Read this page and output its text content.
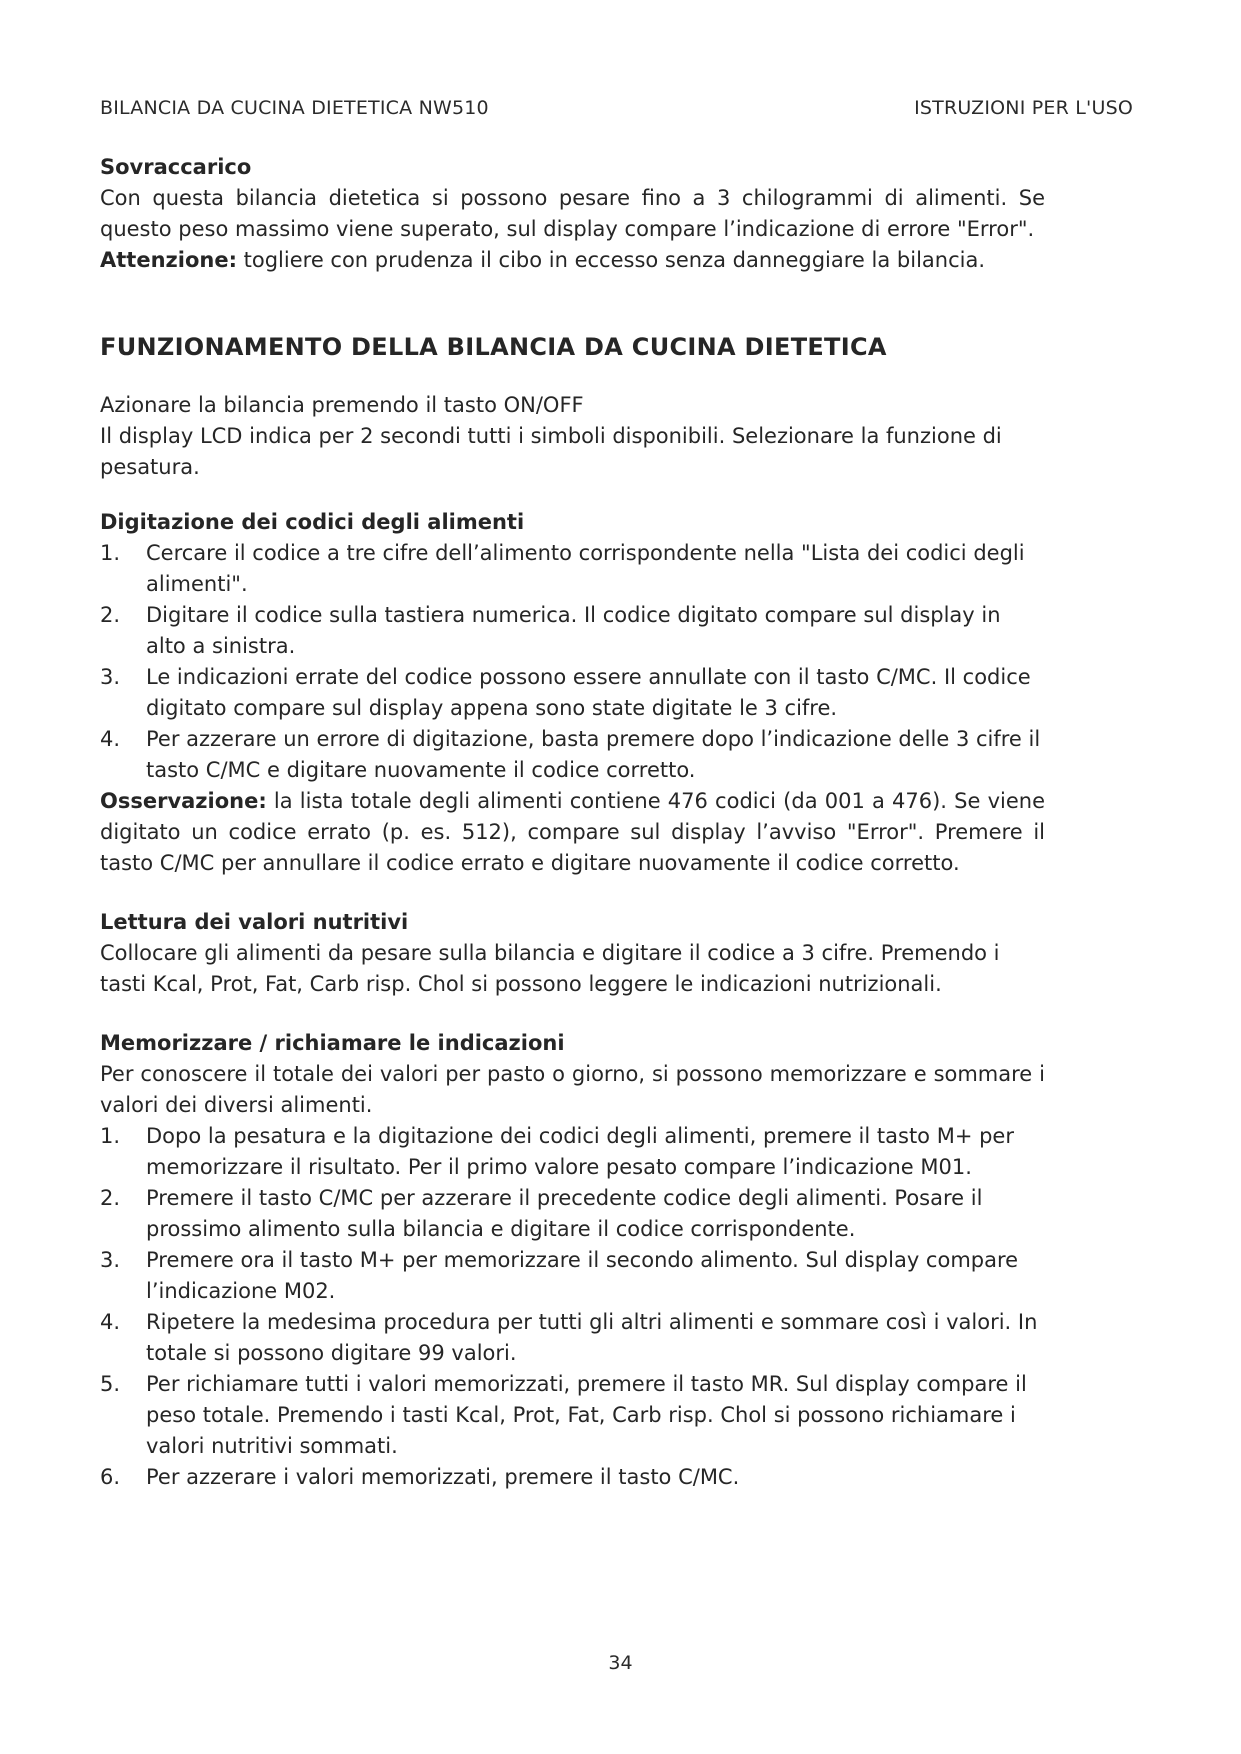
BILANCIA DA CUCINA DIETETICA NW510	ISTRUZIONI PER L'USO

Sovraccarico

Con questa bilancia dietetica si possono pesare fino a 3 chilogrammi di alimenti. Se questo peso massimo viene superato, sul display compare l’indicazione di errore "Error".

Attenzione: togliere con prudenza il cibo in eccesso senza danneggiare la bilancia.

FUNZIONAMENTO DELLA BILANCIA DA CUCINA DIETETICA

Azionare la bilancia premendo il tasto ON/OFF

Il display LCD indica per 2 secondi tutti i simboli disponibili. Selezionare la funzione di pesatura.

Digitazione dei codici degli alimenti

1. Cercare il codice a tre cifre dell’alimento corrispondente nella "Lista dei codici degli alimenti".
2. Digitare il codice sulla tastiera numerica. Il codice digitato compare sul display in alto a sinistra.
3. Le indicazioni errate del codice possono essere annullate con il tasto C/MC. Il codice digitato compare sul display appena sono state digitate le 3 cifre.
4. Per azzerare un errore di digitazione, basta premere dopo l’indicazione delle 3 cifre il tasto C/MC e digitare nuovamente il codice corretto.

Osservazione: la lista totale degli alimenti contiene 476 codici (da 001 a 476). Se viene digitato un codice errato (p. es. 512), compare sul display l’avviso "Error". Premere il tasto C/MC per annullare il codice errato e digitare nuovamente il codice corretto.

Lettura dei valori nutritivi

Collocare gli alimenti da pesare sulla bilancia e digitare il codice a 3 cifre. Premendo i tasti Kcal, Prot, Fat, Carb risp. Chol si possono leggere le indicazioni nutrizionali.

Memorizzare / richiamare le indicazioni

Per conoscere il totale dei valori per pasto o giorno, si possono memorizzare e sommare i valori dei diversi alimenti.

1. Dopo la pesatura e la digitazione dei codici degli alimenti, premere il tasto M+ per memorizzare il risultato. Per il primo valore pesato compare l’indicazione M01.
2. Premere il tasto C/MC per azzerare il precedente codice degli alimenti. Posare il prossimo alimento sulla bilancia e digitare il codice corrispondente.
3. Premere ora il tasto M+ per memorizzare il secondo alimento. Sul display compare l’indicazione M02.
4. Ripetere la medesima procedura per tutti gli altri alimenti e sommare così i valori. In totale si possono digitare 99 valori.
5. Per richiamare tutti i valori memorizzati, premere il tasto MR. Sul display compare il peso totale. Premendo i tasti Kcal, Prot, Fat, Carb risp. Chol si possono richiamare i valori nutritivi sommati.
6. Per azzerare i valori memorizzati, premere il tasto C/MC.
34
